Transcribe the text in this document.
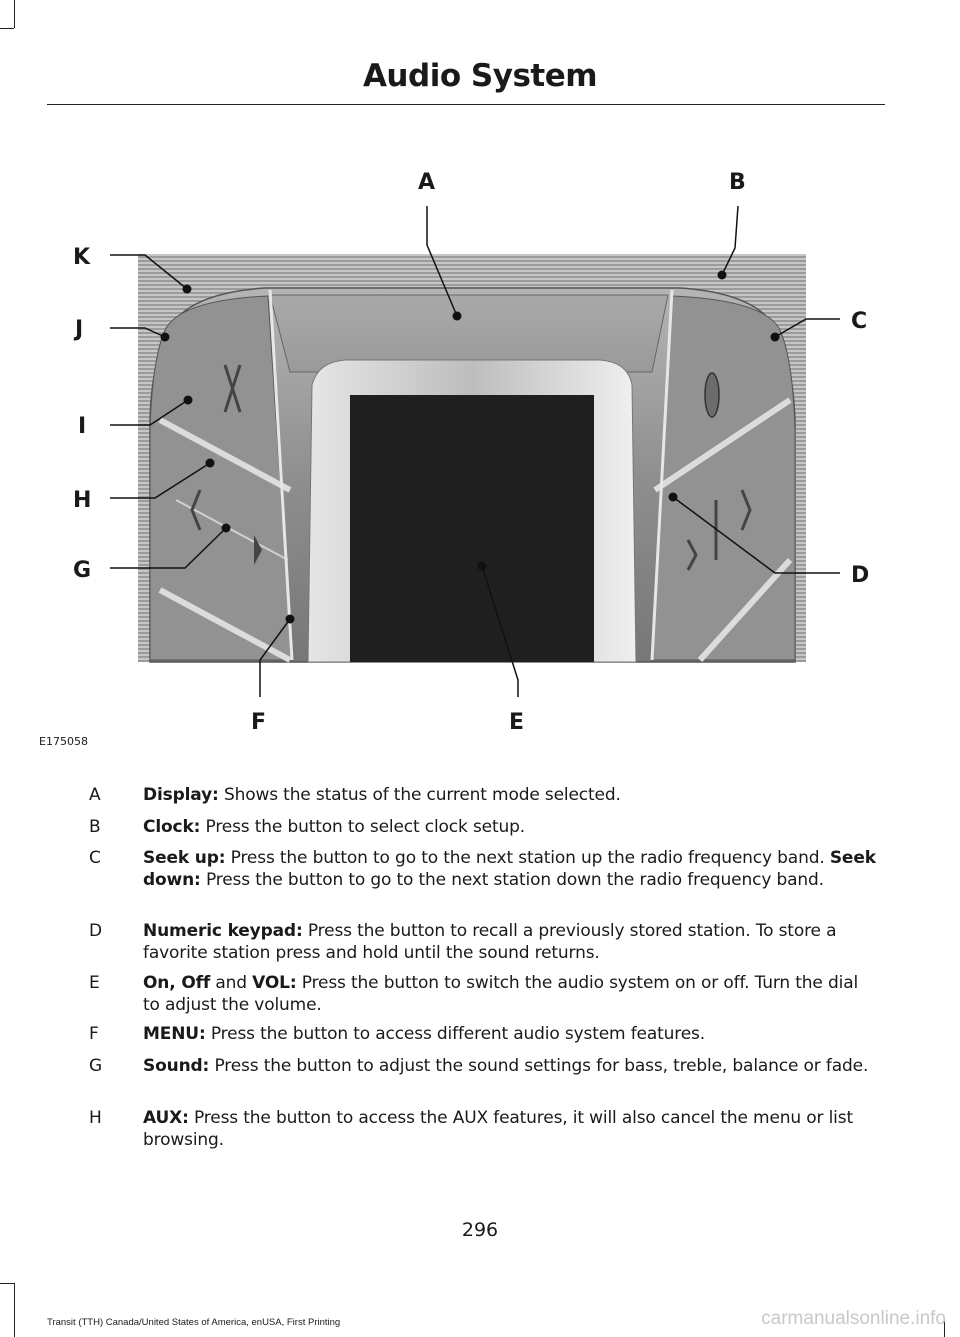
Audio System
A	B
C
D
E
F
G
H
I
J
K
E175058
A Display: Shows the status of the current mode selected.
B Clock: Press the button to select clock setup.
C Seek up: Press the button to go to the next station up the radio frequency band. Seek down: Press the button to go to the next station down the radio frequency band.
D Numeric keypad: Press the button to recall a previously stored station. To store a favorite station press and hold until the sound returns.
E	On, Off and VOL: Press the button to switch the audio system on or off. Turn the dial to adjust the volume.
F	MENU: Press the button to access different audio system features.
G Sound: Press the button to adjust the sound settings for bass, treble, balance or fade.
H AUX: Press the button to access the AUX features, it will also cancel the menu or list browsing.
296
Transit (TTH) Canada/United States of America, enUSA, First Printing	carmanualsonline.info
